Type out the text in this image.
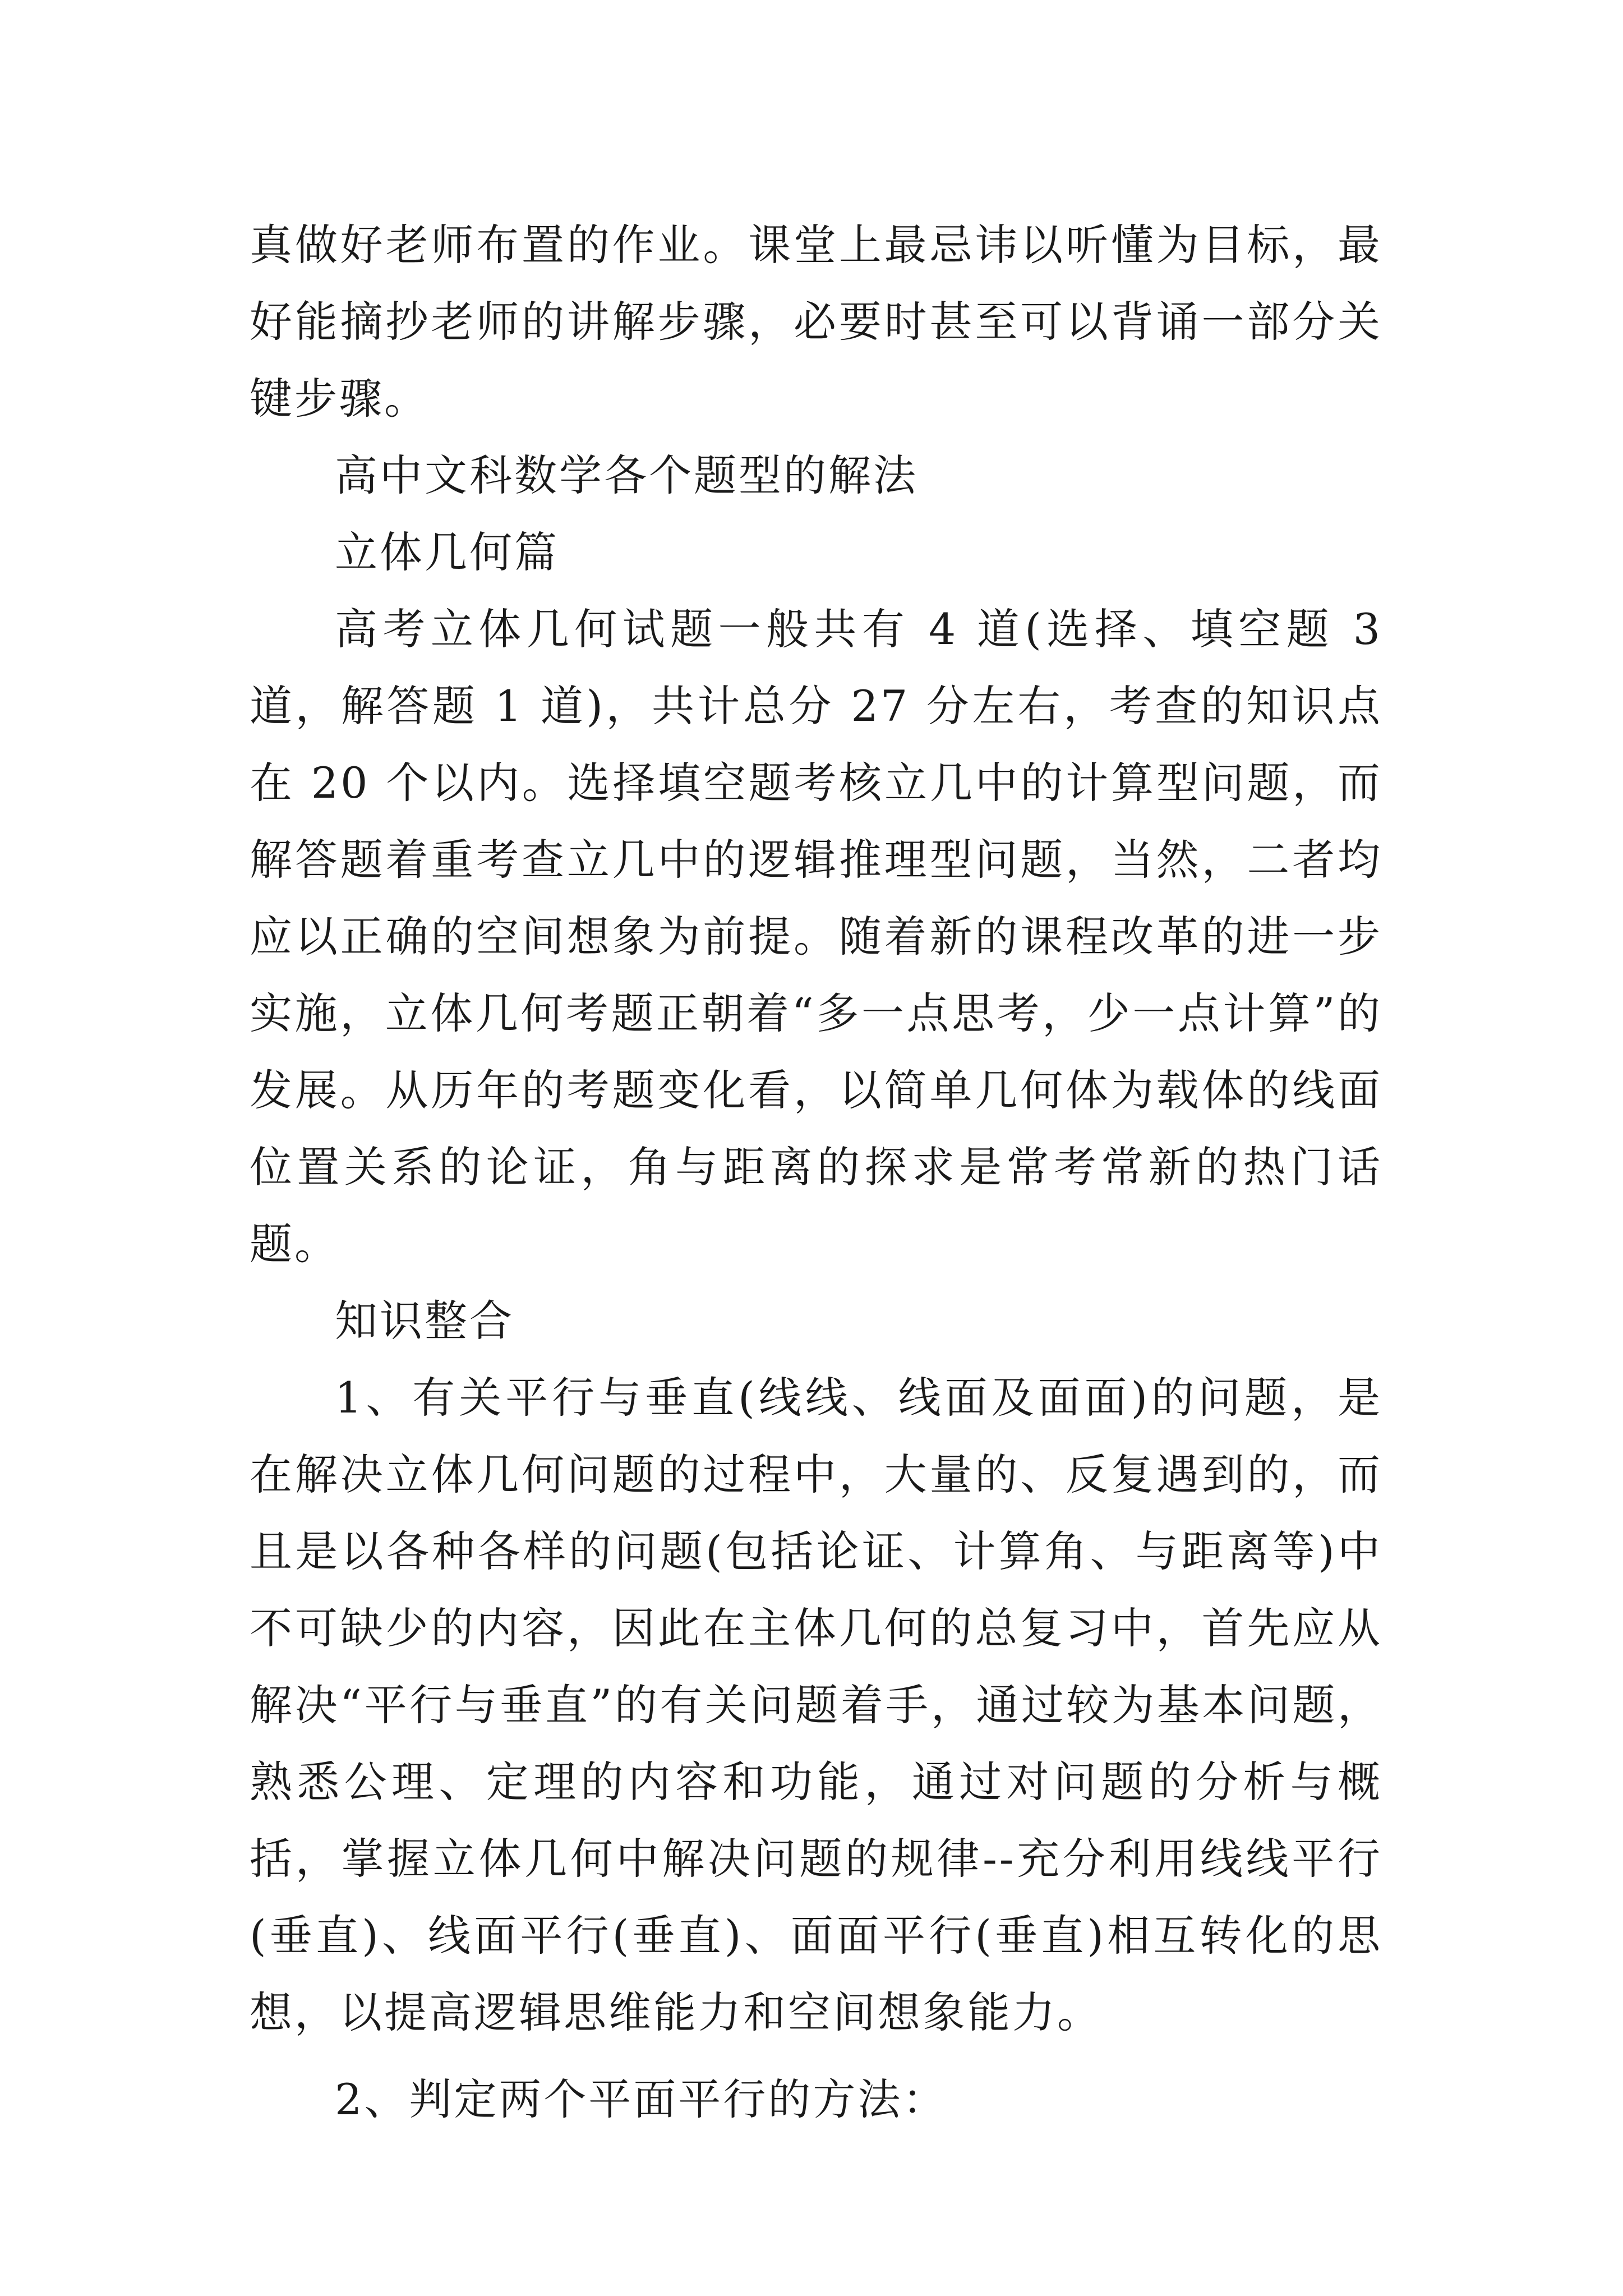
真做好老师布置的作业。课堂上最忌讳以听懂为目标，最好能摘抄老师的讲解步骤，必要时甚至可以背诵一部分关键步骤。

高中文科数学各个题型的解法

立体几何篇

高考立体几何试题一般共有 4 道(选择、填空题 3 道，解答题 1 道)，共计总分 27 分左右，考查的知识点在 20 个以内。选择填空题考核立几中的计算型问题，而解答题着重考查立几中的逻辑推理型问题，当然，二者均应以正确的空间想象为前提。随着新的课程改革的进一步实施，立体几何考题正朝着“多一点思考，少一点计算”的发展。从历年的考题变化看，以简单几何体为载体的线面位置关系的论证，角与距离的探求是常考常新的热门话题。

知识整合

1、有关平行与垂直(线线、线面及面面)的问题，是在解决立体几何问题的过程中，大量的、反复遇到的，而且是以各种各样的问题(包括论证、计算角、与距离等)中不可缺少的内容，因此在主体几何的总复习中，首先应从解决“平行与垂直”的有关问题着手，通过较为基本问题，熟悉公理、定理的内容和功能，通过对问题的分析与概括，掌握立体几何中解决问题的规律--充分利用线线平行(垂直)、线面平行(垂直)、面面平行(垂直)相互转化的思想，以提高逻辑思维能力和空间想象能力。

2、判定两个平面平行的方法：
